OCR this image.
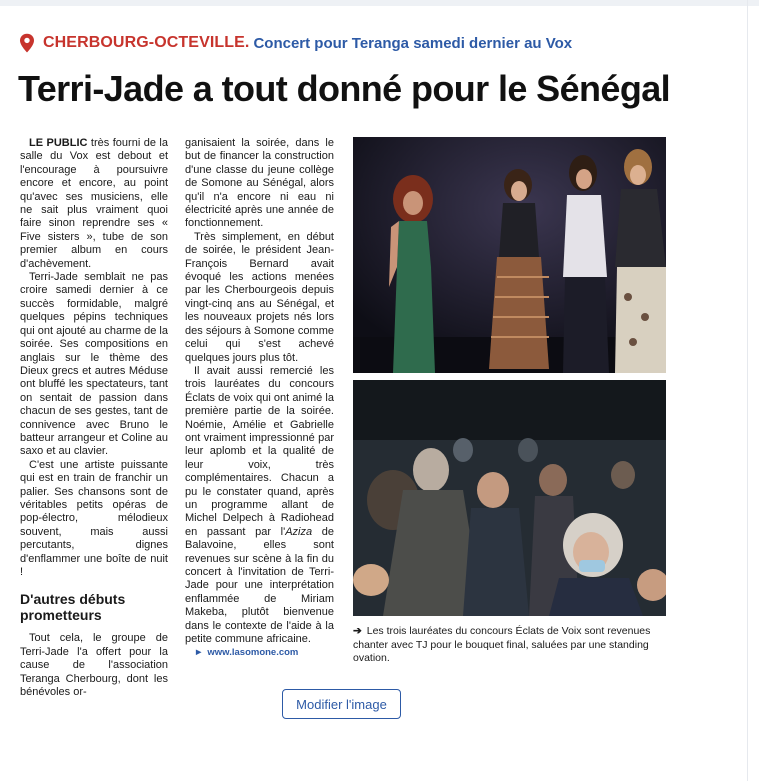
CHERBOURG-OCTEVILLE. Concert pour Teranga samedi dernier au Vox
Terri-Jade a tout donné pour le Sénégal

LE PUBLIC très fourni de la salle du Vox est debout et l'encourage à poursuivre encore et encore, au point qu'avec ses musiciens, elle ne sait plus vraiment quoi faire sinon reprendre ses « Five sisters », tube de son premier album en cours d'achèvement.

Terri-Jade semblait ne pas croire samedi dernier à ce succès formidable, malgré quelques pépins techniques qui ont ajouté au charme de la soirée. Ses compositions en anglais sur le thème des Dieux grecs et autres Méduse ont bluffé les spectateurs, tant on sentait de passion dans chacun de ses gestes, tant de connivence avec Bruno le batteur arrangeur et Coline au saxo et au clavier.

C'est une artiste puissante qui est en train de franchir un palier. Ses chansons sont de véritables petits opéras de pop-électro, mélodieux souvent, mais aussi percutants, dignes d'enflammer une boîte de nuit !

D'autres débuts prometteurs

Tout cela, le groupe de Terri-Jade l'a offert pour la cause de l'association Teranga Cherbourg, dont les bénévoles or-

ganisaient la soirée, dans le but de financer la construction d'une classe du jeune collège de Somone au Sénégal, alors qu'il n'a encore ni eau ni électricité après une année de fonctionnement.

Très simplement, en début de soirée, le président Jean-François Bernard avait évoqué les actions menées par les Cherbourgeois depuis vingt-cinq ans au Sénégal, et les nouveaux projets nés lors des séjours à Somone comme celui qui s'est achevé quelques jours plus tôt.

Il avait aussi remercié les trois lauréates du concours Éclats de voix qui ont animé la première partie de la soirée. Noémie, Amélie et Gabrielle ont vraiment impressionné par leur aplomb et la qualité de leur voix, très complémentaires. Chacun a pu le constater quand, après un programme allant de Michel Delpech à Radiohead en passant par l'Aziza de Balavoine, elles sont revenues sur scène à la fin du concert à l'invitation de Terri-Jade pour une interprétation enflammée de Miriam Makeba, plutôt bienvenue dans le contexte de l'aide à la petite commune africaine.

► www.lasomone.com

➔ Les trois lauréates du concours Éclats de Voix sont revenues chanter avec TJ pour le bouquet final, saluées par une standing ovation.

Modifier l'image
